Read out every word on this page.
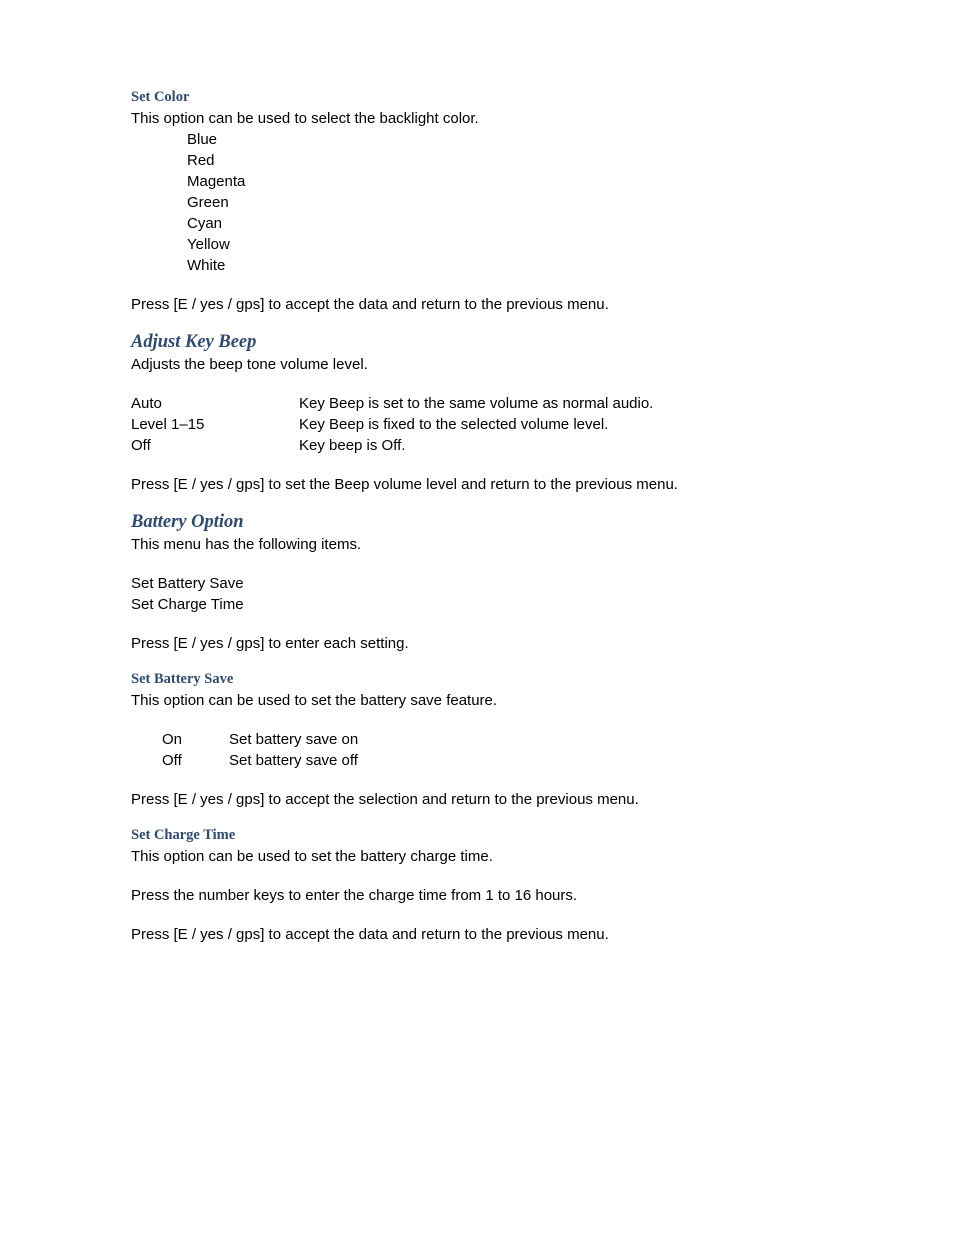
Set Color

This option can be used to select the backlight color.

Blue

Red

Magenta

Green

Cyan

Yellow

White

Press [E / yes / gps] to accept the data and return to the previous menu.

Adjust Key Beep

Adjusts the beep tone volume level.

Auto	Key Beep is set to the same volume as normal audio.
Level 1–15	Key Beep is fixed to the selected volume level.
Off	Key beep is Off.

Press [E / yes / gps] to set the Beep volume level and return to the previous menu.

Battery Option

This menu has the following items.

Set Battery Save

Set Charge Time

Press [E / yes / gps] to enter each setting.

Set Battery Save

This option can be used to set the battery save feature.

On	Set battery save on
Off	Set battery save off

Press [E / yes / gps] to accept the selection and return to the previous menu.

Set Charge Time

This option can be used to set the battery charge time.

Press the number keys to enter the charge time from 1 to 16 hours.

Press [E / yes / gps] to accept the data and return to the previous menu.
